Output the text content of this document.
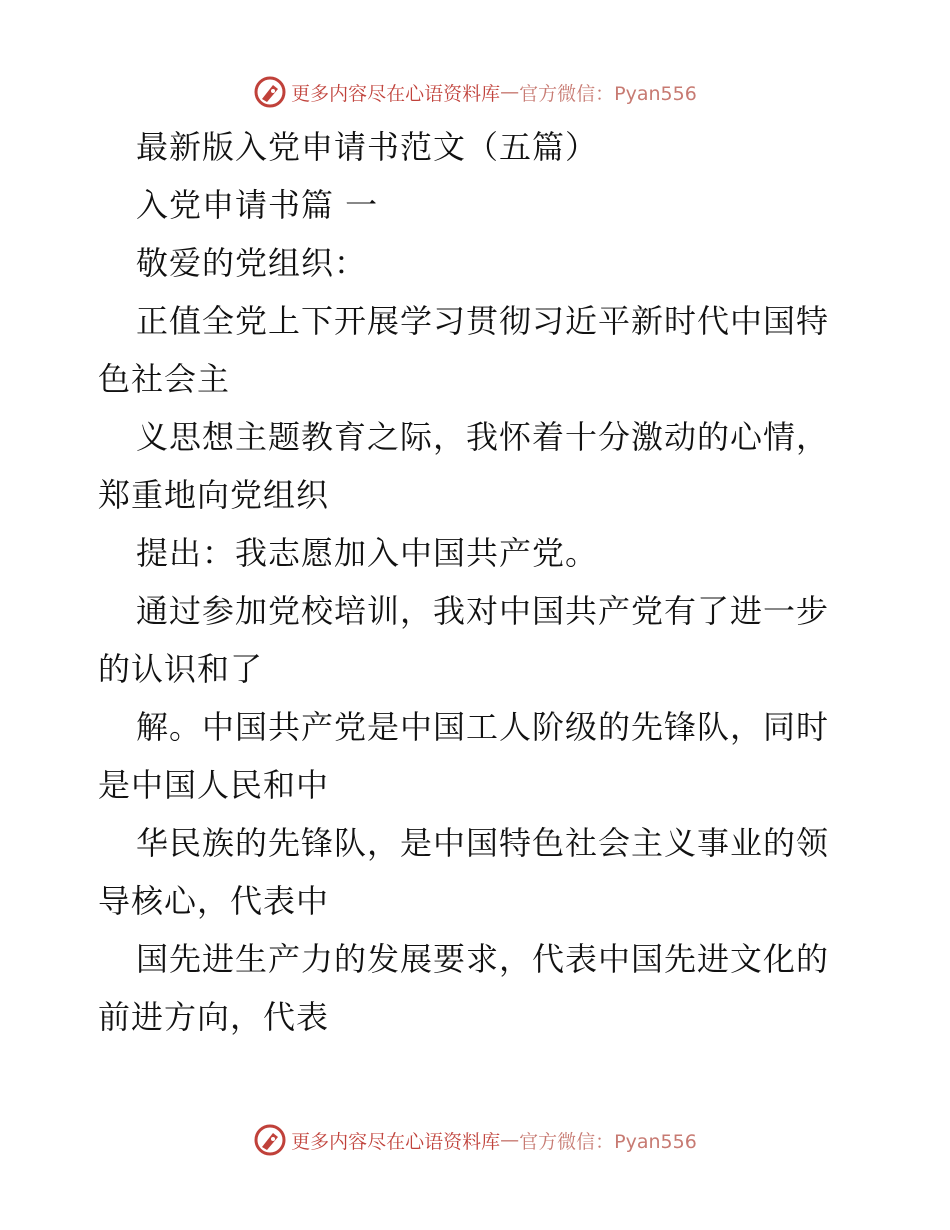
更多内容尽在心语资料库 — 官方微信：Pyan556
最新版入党申请书范文（五篇）
入党申请书篇 一
敬爱的党组织：
正值全党上下开展学习贯彻习近平新时代中国特
色社会主
义思想主题教育之际，我怀着十分激动的心情，
郑重地向党组织
提出：我志愿加入中国共产党。
通过参加党校培训，我对中国共产党有了进一步
的认识和了
解。中国共产党是中国工人阶级的先锋队，同时
是中国人民和中
华民族的先锋队，是中国特色社会主义事业的领
导核心，代表中
国先进生产力的发展要求，代表中国先进文化的
前进方向，代表
更多内容尽在心语资料库 — 官方微信：Pyan556
